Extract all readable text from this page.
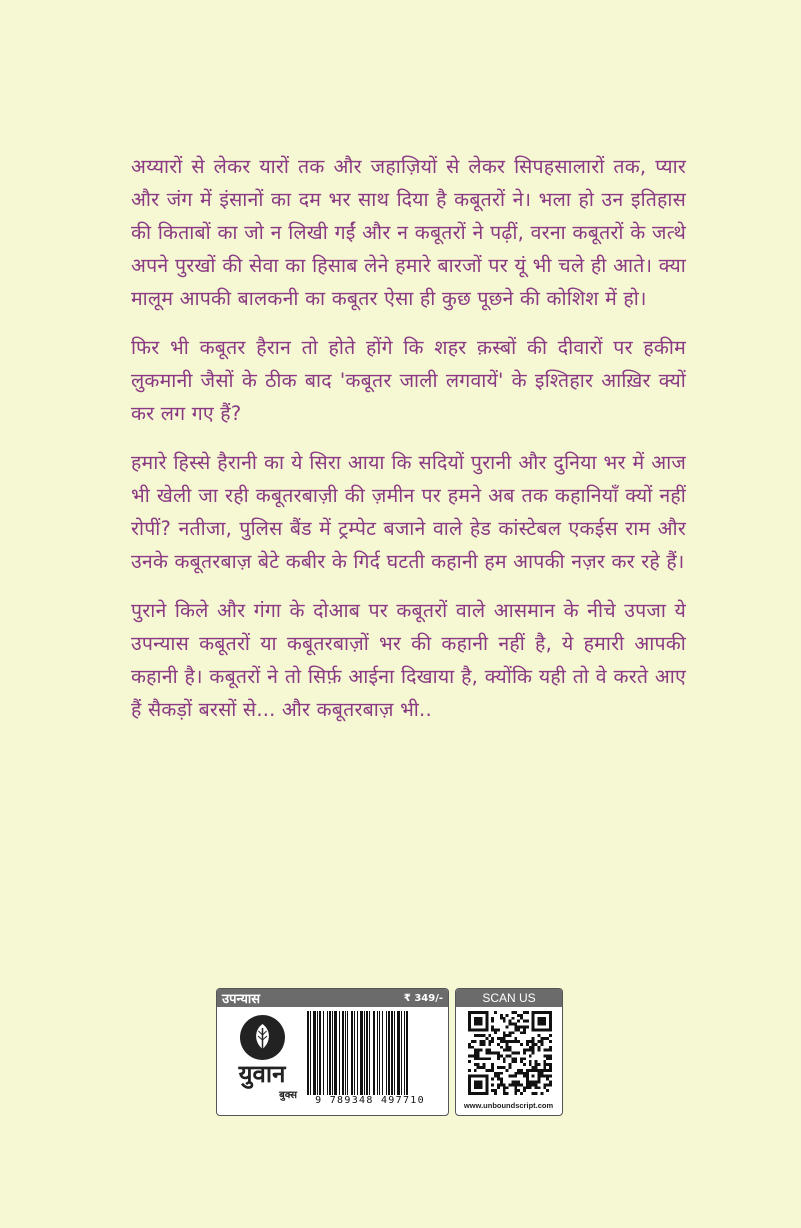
अय्यारों से लेकर यारों तक और जहाज़ियों से लेकर सिपहसालारों तक, प्यार और जंग में इंसानों का दम भर साथ दिया है कबूतरों ने। भला हो उन इतिहास की किताबों का जो न लिखी गईं और न कबूतरों ने पढ़ीं, वरना कबूतरों के जत्थे अपने पुरखों की सेवा का हिसाब लेने हमारे बारजों पर यूं भी चले ही आते। क्या मालूम आपकी बालकनी का कबूतर ऐसा ही कुछ पूछने की कोशिश में हो।

फिर भी कबूतर हैरान तो होते होंगे कि शहर क़स्बों की दीवारों पर हकीम लुकमानी जैसों के ठीक बाद 'कबूतर जाली लगवायें' के इश्तिहार आख़िर क्यों कर लग गए हैं?

हमारे हिस्से हैरानी का ये सिरा आया कि सदियों पुरानी और दुनिया भर में आज भी खेली जा रही कबूतरबाज़ी की ज़मीन पर हमने अब तक कहानियाँ क्यों नहीं रोपीं? नतीजा, पुलिस बैंड में ट्रम्पेट बजाने वाले हेड कांस्टेबल एकईस राम और उनके कबूतरबाज़ बेटे कबीर के गिर्द घटती कहानी हम आपकी नज़र कर रहे हैं।

पुराने किले और गंगा के दोआब पर कबूतरों वाले आसमान के नीचे उपजा ये उपन्यास कबूतरों या कबूतरबाज़ों भर की कहानी नहीं है, ये हमारी आपकी कहानी है। कबूतरों ने तो सिर्फ़ आईना दिखाया है, क्योंकि यही तो वे करते आए हैं सैकड़ों बरसों से... और कबूतरबाज़ भी..

उपन्यास	₹ 349/-
युवान
बुक्स	9 789348 497710
SCAN US
www.unboundscript.com
